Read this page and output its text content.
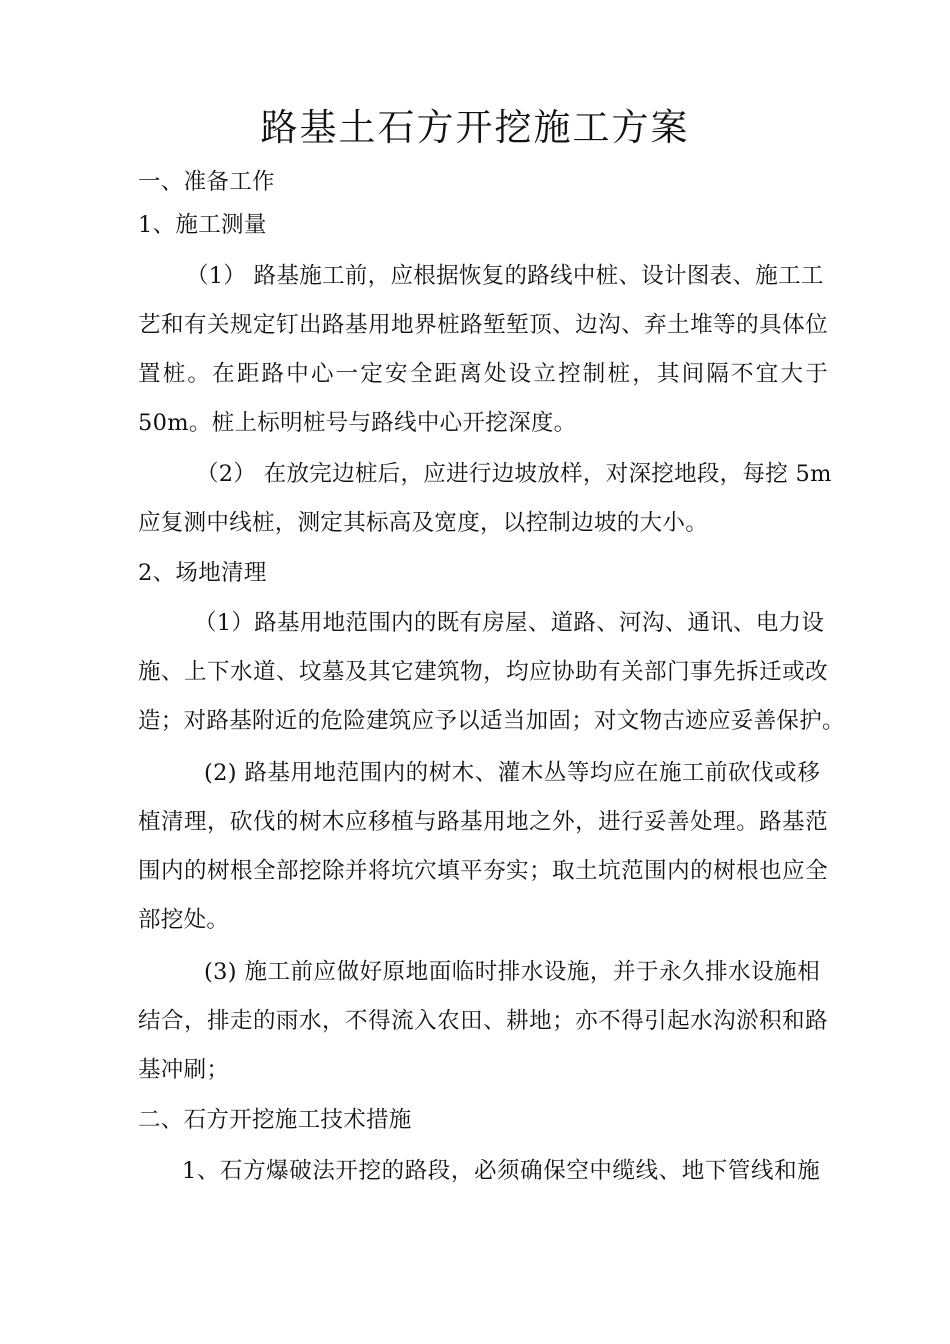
路基土石方开挖施工方案
一、准备工作
1、施工测量
（1） 路基施工前，应根据恢复的路线中桩、设计图表、施工工
艺和有关规定钉出路基用地界桩路堑堑顶、边沟、弃土堆等的具体位
置桩。在距路中心一定安全距离处设立控制桩，其间隔不宜大于
50m。桩上标明桩号与路线中心开挖深度。
（2） 在放完边桩后，应进行边坡放样，对深挖地段，每挖 5m
应复测中线桩，测定其标高及宽度，以控制边坡的大小。
2、场地清理
（1）路基用地范围内的既有房屋、道路、河沟、通讯、电力设
施、上下水道、坟墓及其它建筑物，均应协助有关部门事先拆迁或改
造；对路基附近的危险建筑应予以适当加固；对文物古迹应妥善保护。
(2) 路基用地范围内的树木、灌木丛等均应在施工前砍伐或移
植清理，砍伐的树木应移植与路基用地之外，进行妥善处理。路基范
围内的树根全部挖除并将坑穴填平夯实；取土坑范围内的树根也应全
部挖处。
(3) 施工前应做好原地面临时排水设施，并于永久排水设施相
结合，排走的雨水，不得流入农田、耕地；亦不得引起水沟淤积和路
基冲刷；
二、石方开挖施工技术措施
1、石方爆破法开挖的路段，必须确保空中缆线、地下管线和施
